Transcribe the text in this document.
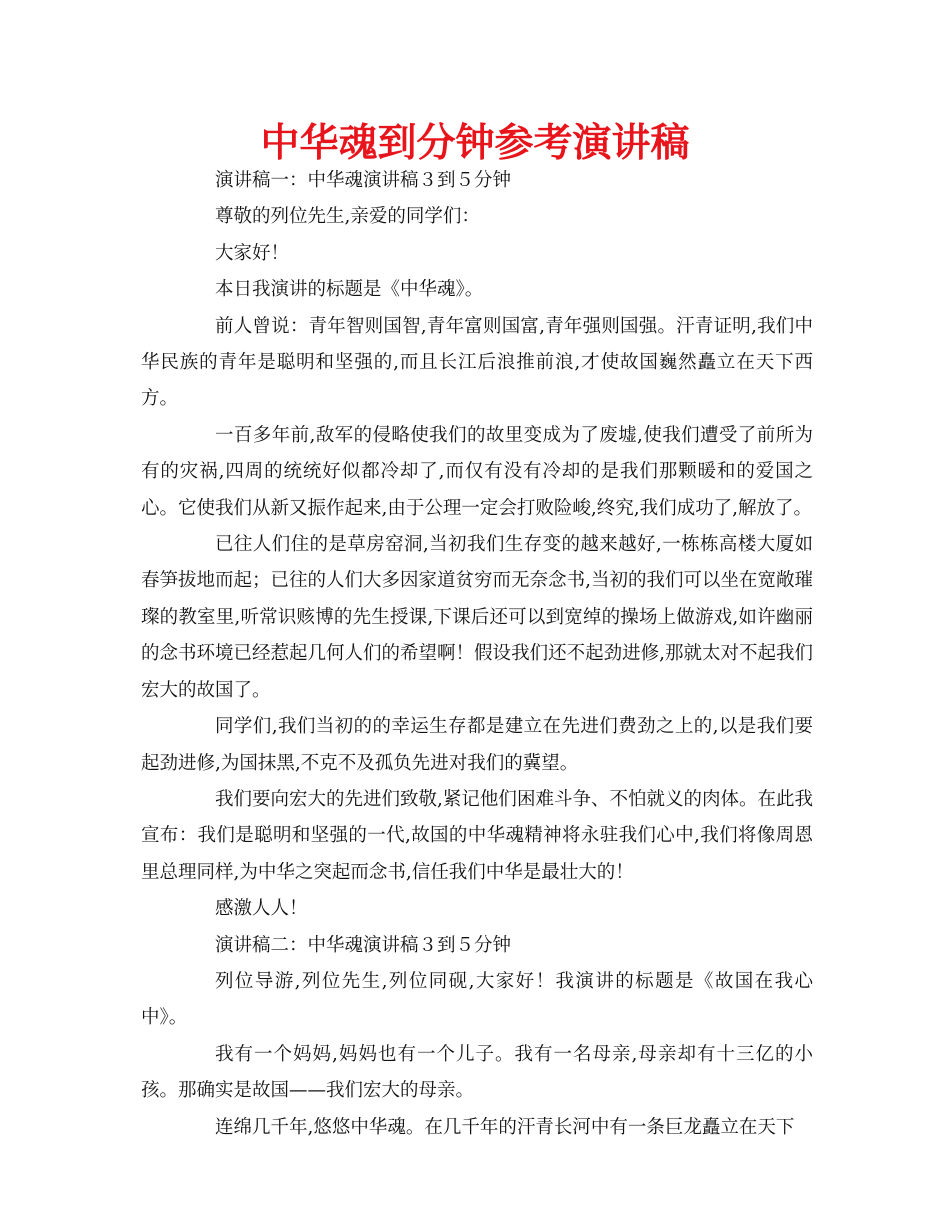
中华魂到分钟参考演讲稿

演讲稿一：中华魂演讲稿３到５分钟

尊敬的列位先生,亲爱的同学们：

大家好！

本日我演讲的标题是《中华魂》。

前人曾说：青年智则国智,青年富则国富,青年强则国强。汗青证明,我们中华民族的青年是聪明和坚强的,而且长江后浪推前浪,才使故国巍然矗立在天下西方。

一百多年前,敌军的侵略使我们的故里变成为了废墟,使我们遭受了前所为有的灾祸,四周的统统好似都冷却了,而仅有没有冷却的是我们那颗暖和的爱国之心。它使我们从新又振作起来,由于公理一定会打败险峻,终究,我们成功了,解放了。

已往人们住的是草房窑洞,当初我们生存变的越来越好,一栋栋高楼大厦如春笋拔地而起；已往的人们大多因家道贫穷而无奈念书,当初的我们可以坐在宽敞璀璨的教室里,听常识赅博的先生授课,下课后还可以到宽绰的操场上做游戏,如许幽丽的念书环境已经惹起几何人们的希望啊！假设我们还不起劲进修,那就太对不起我们宏大的故国了。

同学们,我们当初的的幸运生存都是建立在先进们费劲之上的,以是我们要起劲进修,为国抹黑,不克不及孤负先进对我们的冀望。

我们要向宏大的先进们致敬,紧记他们困难斗争、不怕就义的肉体。在此我宣布：我们是聪明和坚强的一代,故国的中华魂精神将永驻我们心中,我们将像周恩里总理同样,为中华之突起而念书,信任我们中华是最壮大的！

感激人人！

演讲稿二：中华魂演讲稿３到５分钟

列位导游,列位先生,列位同砚,大家好！我演讲的标题是《故国在我心中》。

我有一个妈妈,妈妈也有一个儿子。我有一名母亲,母亲却有十三亿的小孩。那确实是故国——我们宏大的母亲。

连绵几千年,悠悠中华魂。在几千年的汗青长河中有一条巨龙矗立在天下
